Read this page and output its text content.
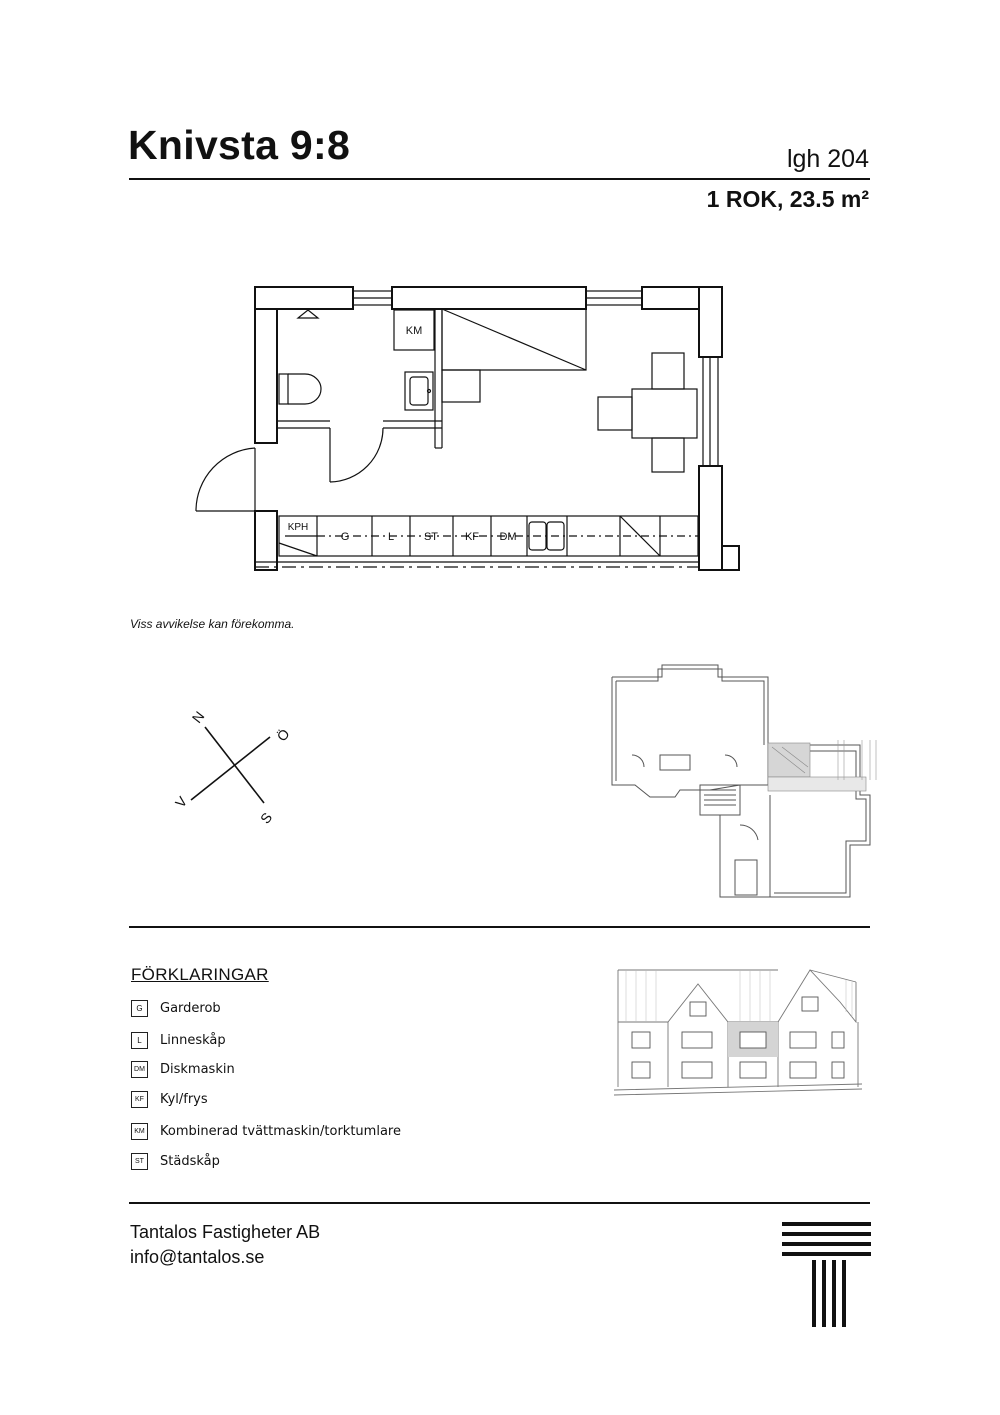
Knivsta 9:8	lgh 204
1 ROK, 23.5 m²
KM
KPH
G	L	ST KF DM
Viss avvikelse kan förekomma.
N
Ö
S
V
FÖRKLARINGAR
G	Garderob
L	Linneskåp
DM Diskmaskin
KF	Kyl/frys
KM Kombinerad tvättmaskin/torktumlare
ST	Städskåp
Tantalos Fastigheter AB
info@tantalos.se
